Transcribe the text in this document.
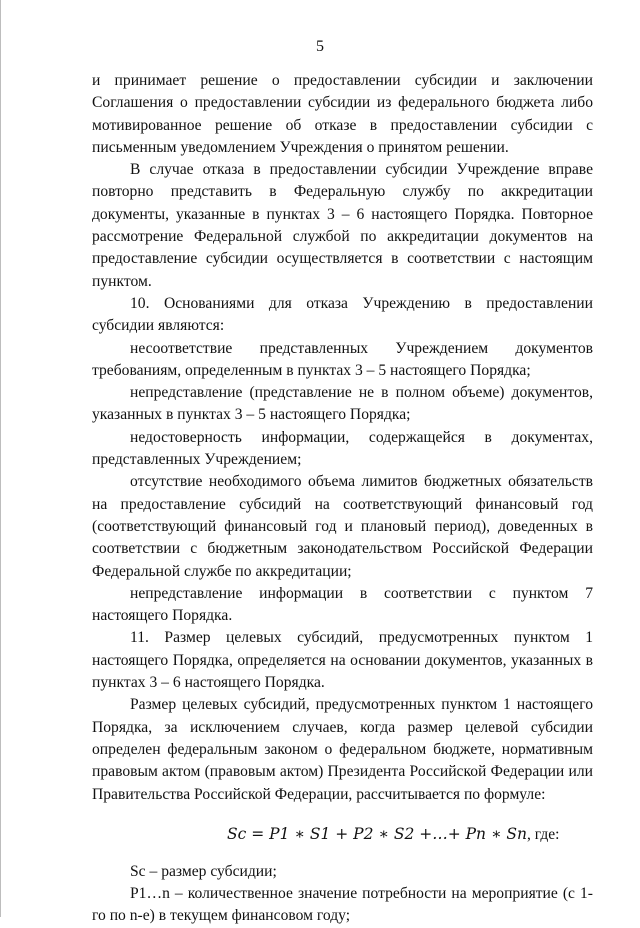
5

и принимает решение о предоставлении субсидии и заключении Соглашения о предоставлении субсидии из федерального бюджета либо мотивированное решение об отказе в предоставлении субсидии с письменным уведомлением Учреждения о принятом решении.

В случае отказа в предоставлении субсидии Учреждение вправе повторно представить в Федеральную службу по аккредитации документы, указанные в пунктах 3 – 6 настоящего Порядка. Повторное рассмотрение Федеральной службой по аккредитации документов на предоставление субсидии осуществляется в соответствии с настоящим пунктом.

10. Основаниями для отказа Учреждению в предоставлении субсидии являются:

несоответствие представленных Учреждением документов требованиям, определенным в пунктах 3 – 5 настоящего Порядка;

непредставление (представление не в полном объеме) документов, указанных в пунктах 3 – 5 настоящего Порядка;

недостоверность информации, содержащейся в документах, представленных Учреждением;

отсутствие необходимого объема лимитов бюджетных обязательств на предоставление субсидий на соответствующий финансовый год (соответствующий финансовый год и плановый период), доведенных в соответствии с бюджетным законодательством Российской Федерации Федеральной службе по аккредитации;

непредставление информации в соответствии с пунктом 7 настоящего Порядка.

11. Размер целевых субсидий, предусмотренных пунктом 1 настоящего Порядка, определяется на основании документов, указанных в пунктах 3 – 6 настоящего Порядка.

Размер целевых субсидий, предусмотренных пунктом 1 настоящего Порядка, за исключением случаев, когда размер целевой субсидии определен федеральным законом о федеральном бюджете, нормативным правовым актом (правовым актом) Президента Российской Федерации или Правительства Российской Федерации, рассчитывается по формуле:

Sc = P1 ∗ S1 + P2 ∗ S2 +…+ Pn ∗ Sn, где:

Sc – размер субсидии;

P1…n – количественное значение потребности на мероприятие (с 1-го по n-е) в текущем финансовом году;
